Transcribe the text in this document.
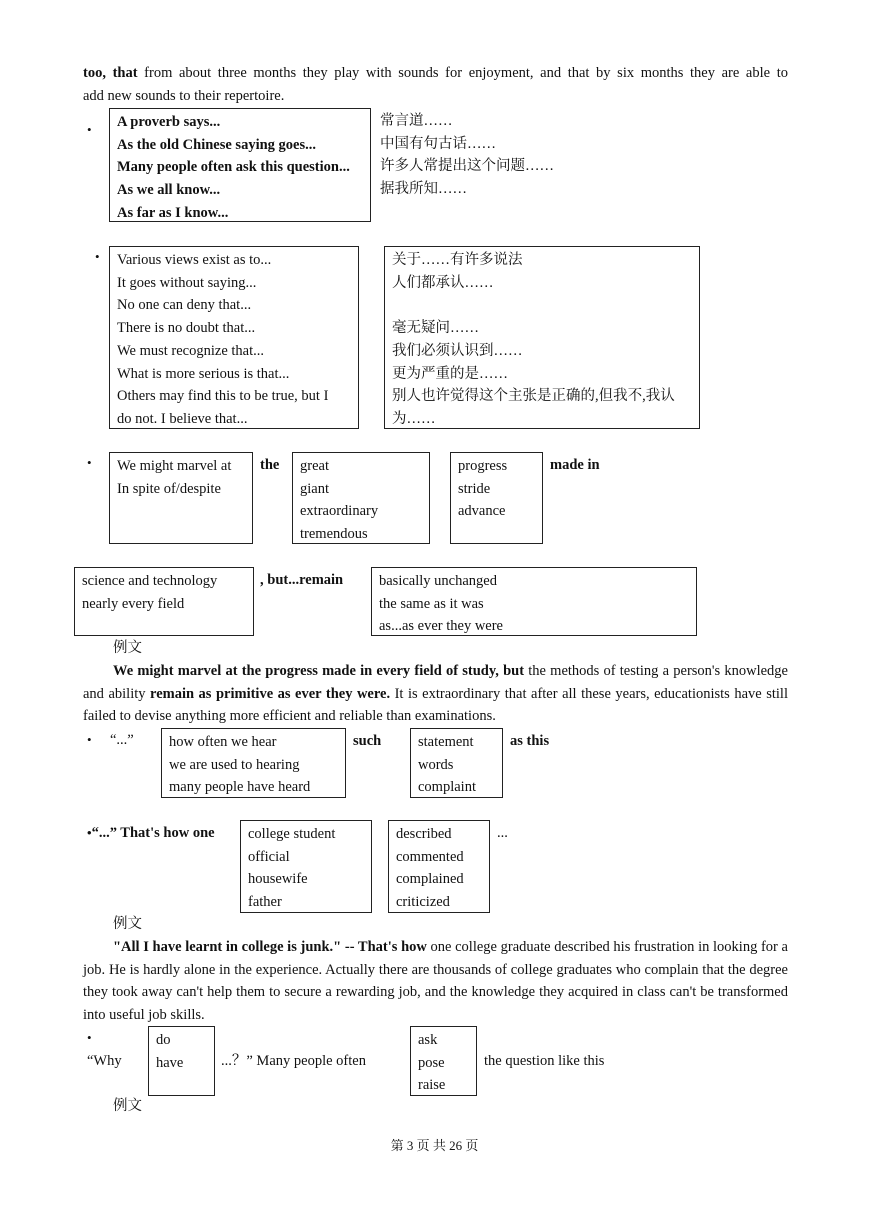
too, that from about three months they play with sounds for enjoyment, and that by six months they are able to
add new sounds to their repertoire.
• A proverb says...
As the old Chinese saying goes...
Many people often ask this question...
As we all know...
As far as I know...
常言道……
中国有句古话……
许多人常提出这个问题……
据我所知……
• Various views exist as to...
It goes without saying...
No one can deny that...
There is no doubt that...
We must recognize that...
What is more serious is that...
Others may find this to be true, but I
do not. I believe that...
关于……有许多说法
人们都承认……
毫无疑问……
我们必须认识到……
更为严重的是……
别人也许觉得这个主张是正确的,但我不,我认
为……
• We might marvel at
In spite of/despite
the great
giant
extraordinary
tremendous
progress
stride
advance
made in
science and technology
nearly every field
, but...remain basically unchanged
the same as it was
as...as ever they were
例文

We might marvel at the progress made in every field of study, but the methods of testing a person's knowledge and ability remain as primitive as ever they were. It is extraordinary that after all these years, educationists have still failed to devise anything more efficient and reliable than examinations.

• “...” how often we hear
we are used to hearing
many people have heard
such	statement
words
complaint
as this
•“...” That's how one college student
official
housewife
father
described
commented
complained
criticized
...
例文

"All I have learnt in college is junk." -- That's how one college graduate described his frustration in looking for a job. He is hardly alone in the experience. Actually there are thousands of college graduates who complain that the degree they took away can't help them to secure a rewarding job, and the knowledge they acquired in class can't be transformed into useful job skills.

•
“Why
do
have	...？” Many people often
ask
pose
raise
the question like this
例文
第 3 页 共 26 页
